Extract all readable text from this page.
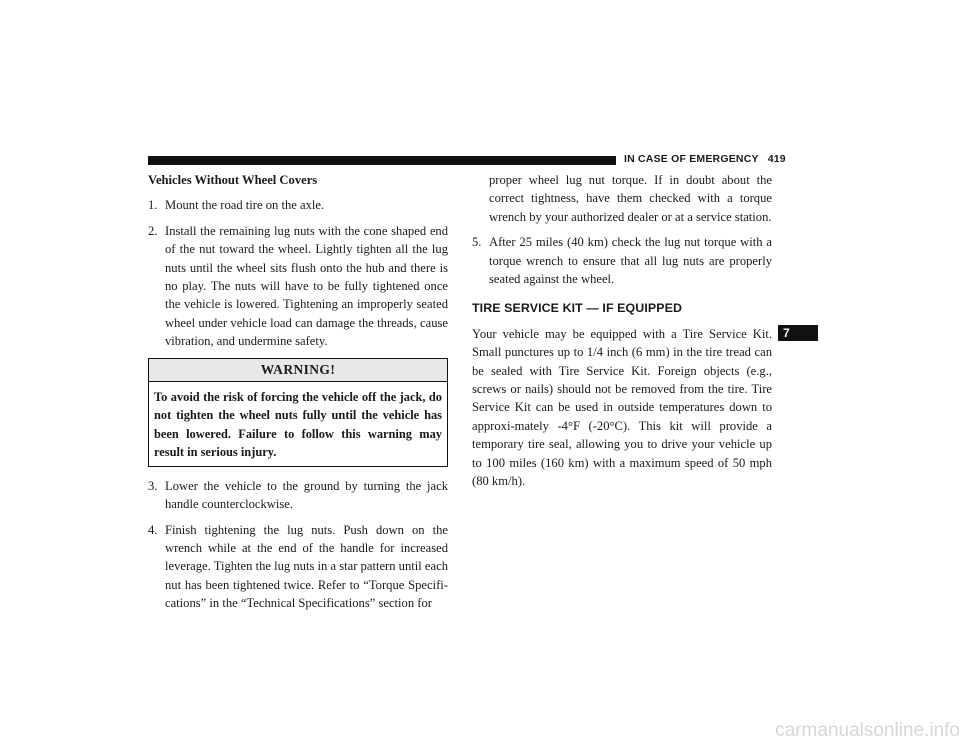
IN CASE OF EMERGENCY 419

Vehicles Without Wheel Covers

1. Mount the road tire on the axle.
2. Install the remaining lug nuts with the cone shaped end of the nut toward the wheel. Lightly tighten all the lug nuts until the wheel sits flush onto the hub and there is no play. The nuts will have to be fully tightened once the vehicle is lowered. Tightening an improperly seated wheel under vehicle load can damage the threads, cause vibration, and undermine safety.
WARNING!
To avoid the risk of forcing the vehicle off the jack, do not tighten the wheel nuts fully until the vehicle has been lowered. Failure to follow this warning may result in serious injury.
3. Lower the vehicle to the ground by turning the jack handle counterclockwise.
4. Finish tightening the lug nuts. Push down on the wrench while at the end of the handle for increased leverage. Tighten the lug nuts in a star pattern until each nut has been tightened twice. Refer to “Torque Specifi-cations” in the “Technical Specifications” section for

proper wheel lug nut torque. If in doubt about the correct tightness, have them checked with a torque wrench by your authorized dealer or at a service station.

5. After 25 miles (40 km) check the lug nut torque with a torque wrench to ensure that all lug nuts are properly seated against the wheel.
TIRE SERVICE KIT — IF EQUIPPED

Your vehicle may be equipped with a Tire Service Kit. Small punctures up to 1/4 inch (6 mm) in the tire tread can be sealed with Tire Service Kit. Foreign objects (e.g., screws or nails) should not be removed from the tire. Tire Service Kit can be used in outside temperatures down to approxi-mately -4°F (-20°C). This kit will provide a temporary tire seal, allowing you to drive your vehicle up to 100 miles (160 km) with a maximum speed of 50 mph (80 km/h).

7
carmanualsonline.info
